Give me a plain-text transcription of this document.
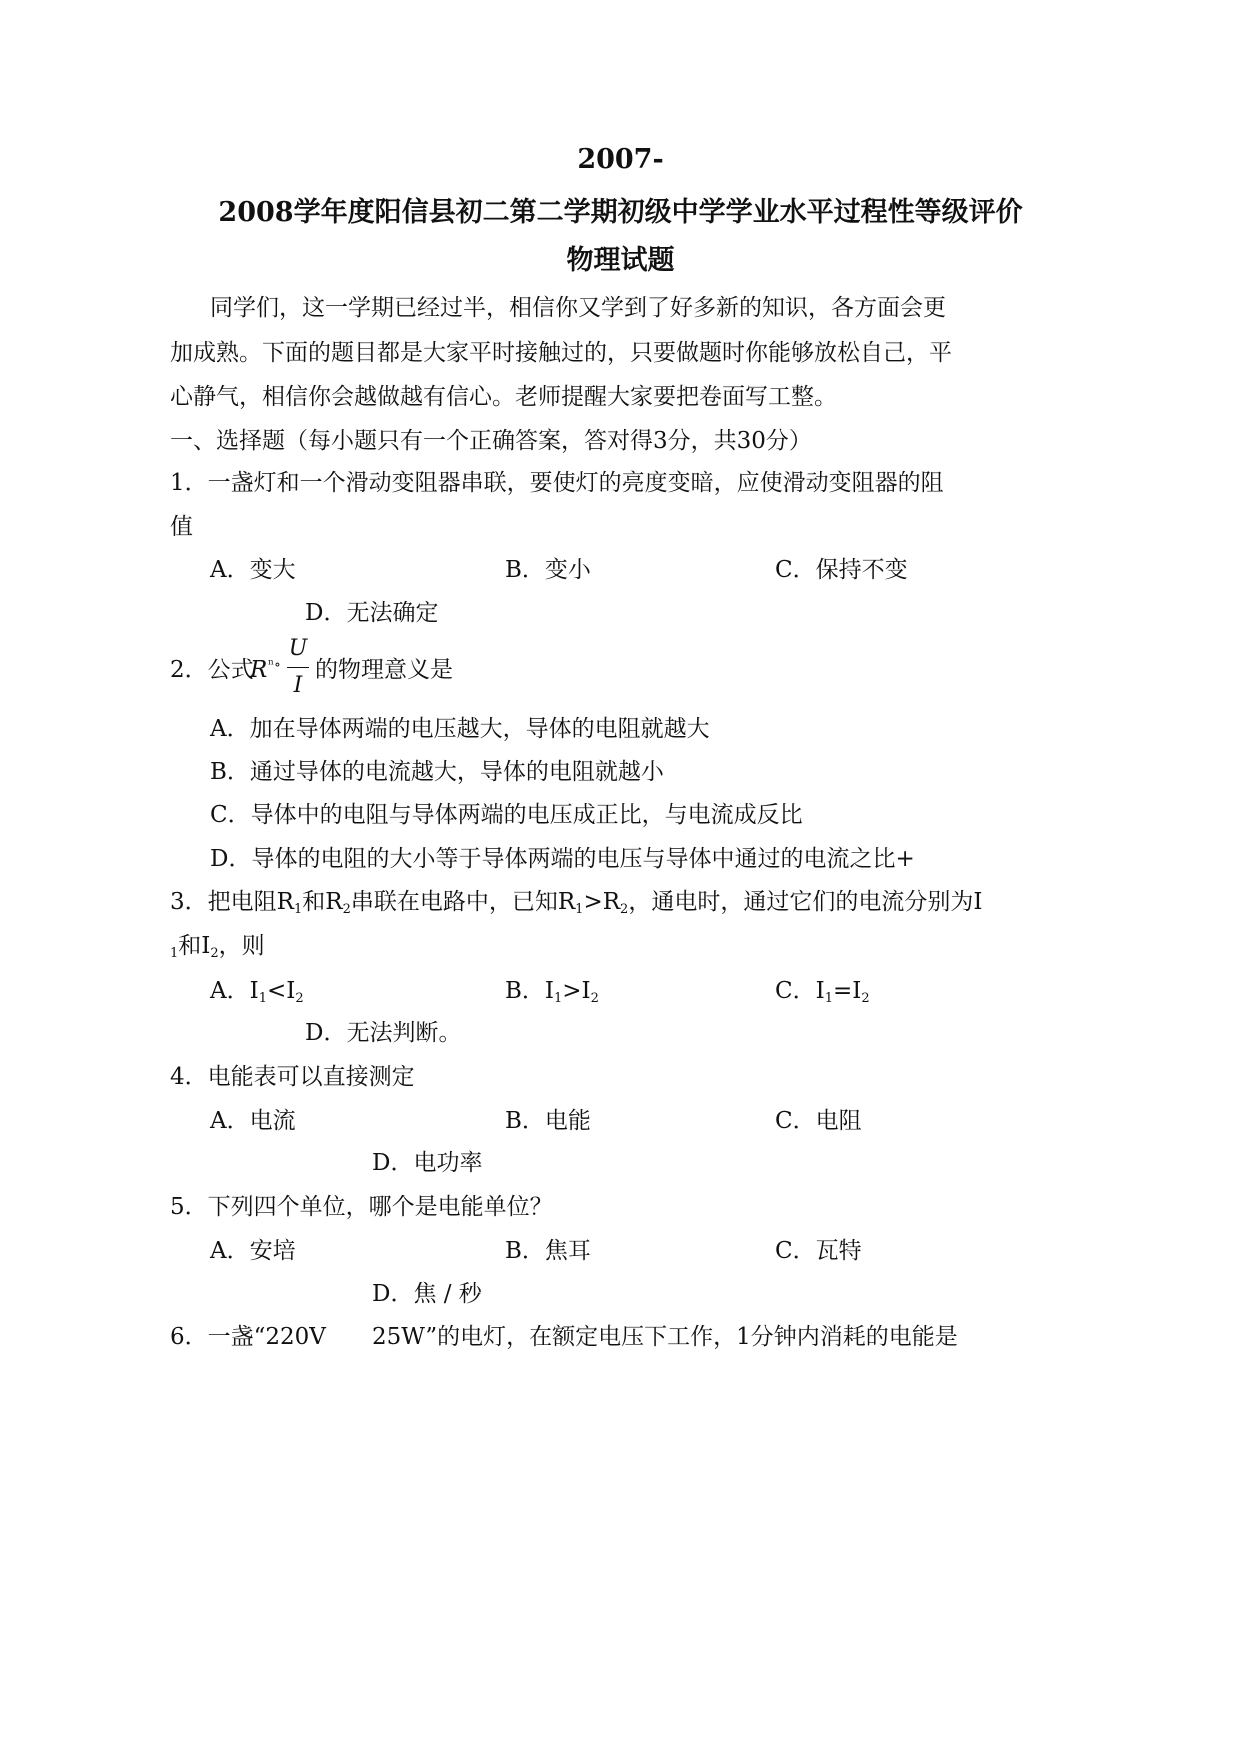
2007-
2008学年度阳信县初二第二学期初级中学学业水平过程性等级评价
物理试题
同学们，这一学期已经过半，相信你又学到了好多新的知识，各方面会更
加成熟。下面的题目都是大家平时接触过的，只要做题时你能够放松自己，平
心静气，相信你会越做越有信心。老师提醒大家要把卷面写工整。
一、选择题（每小题只有一个正确答案，答对得3分，共30分）
1．一盏灯和一个滑动变阻器串联，要使灯的亮度变暗，应使滑动变阻器的阻
值
A．变大	B．变小	C．保持不变
D．无法确定
2．公式
R ⁿ∘
U
I
的物理意义是
A．加在导体两端的电压越大，导体的电阻就越大
B．通过导体的电流越大，导体的电阻就越小
C．导体中的电阻与导体两端的电压成正比，与电流成反比
D．导体的电阻的大小等于导体两端的电压与导体中通过的电流之比+
3．把电阻$R_1$和$R_2$串联在电路中，已知$R_1>R_2$，通电时，通过它们的电流分别为I
$_1$和$I_2$，则
A．$I_1<I_2$	B．$I_1>I_2$	C．$I_1=I_2$
D．无法判断。
4．电能表可以直接测定
A．电流	B．电能	C．电阻
D．电功率
5．下列四个单位，哪个是电能单位？
A．安培	B．焦耳	C．瓦特
D．焦 / 秒
6．一盏“220V 25W”的电灯，在额定电压下工作，1分钟内消耗的电能是
